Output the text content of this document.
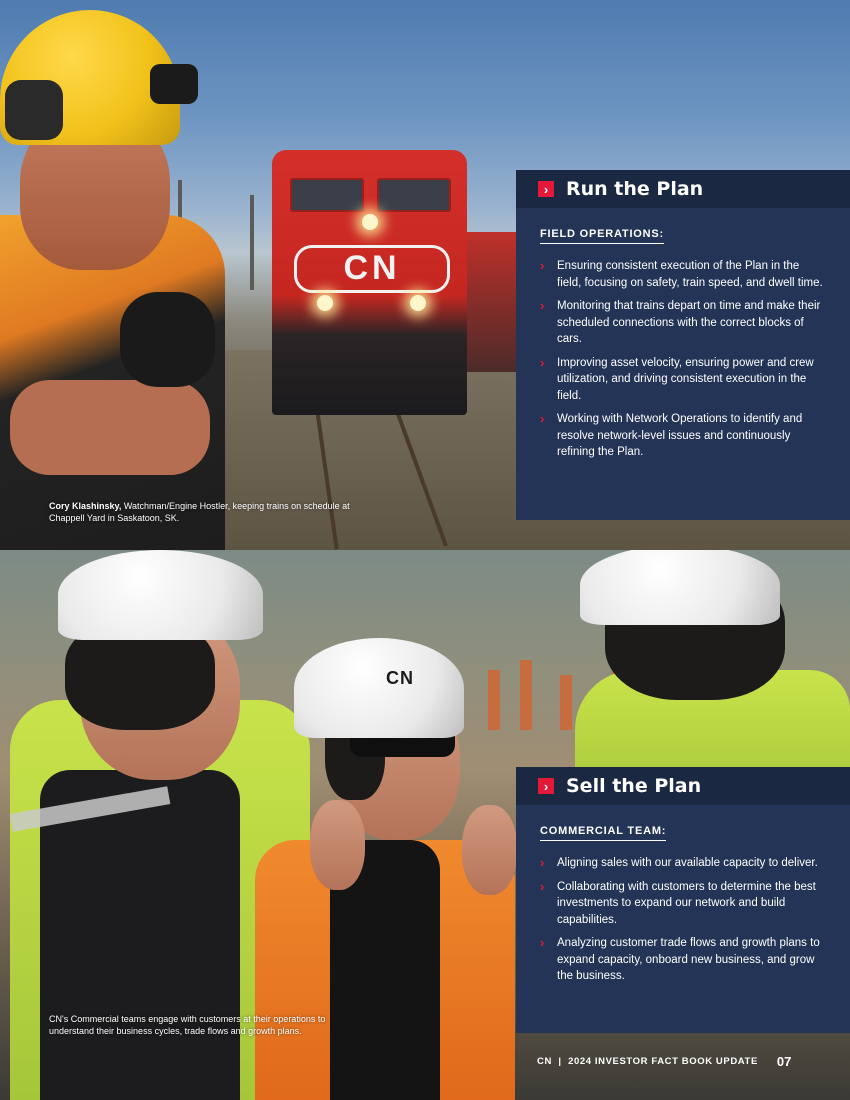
CN
CN
› Run the Plan
FIELD OPERATIONS:
› Ensuring consistent execution of the Plan in the field, focusing on safety, train speed, and dwell time.
› Monitoring that trains depart on time and make their scheduled connections with the correct blocks of cars.
› Improving asset velocity, ensuring power and crew utilization, and driving consistent execution in the field.
› Working with Network Operations to identify and resolve network-level issues and continuously refining the Plan.
Cory Klashinsky, Watchman/Engine Hostler, keeping trains on schedule at Chappell Yard in Saskatoon, SK.
› Sell the Plan
COMMERCIAL TEAM:
› Aligning sales with our available capacity to deliver.
› Collaborating with customers to determine the best investments to expand our network and build capabilities.
› Analyzing customer trade flows and growth plans to expand capacity, onboard new business, and grow the business.
CN's Commercial teams engage with customers at their operations to understand their business cycles, trade flows and growth plans.
CN  |  2024 INVESTOR FACT BOOK UPDATE 07
